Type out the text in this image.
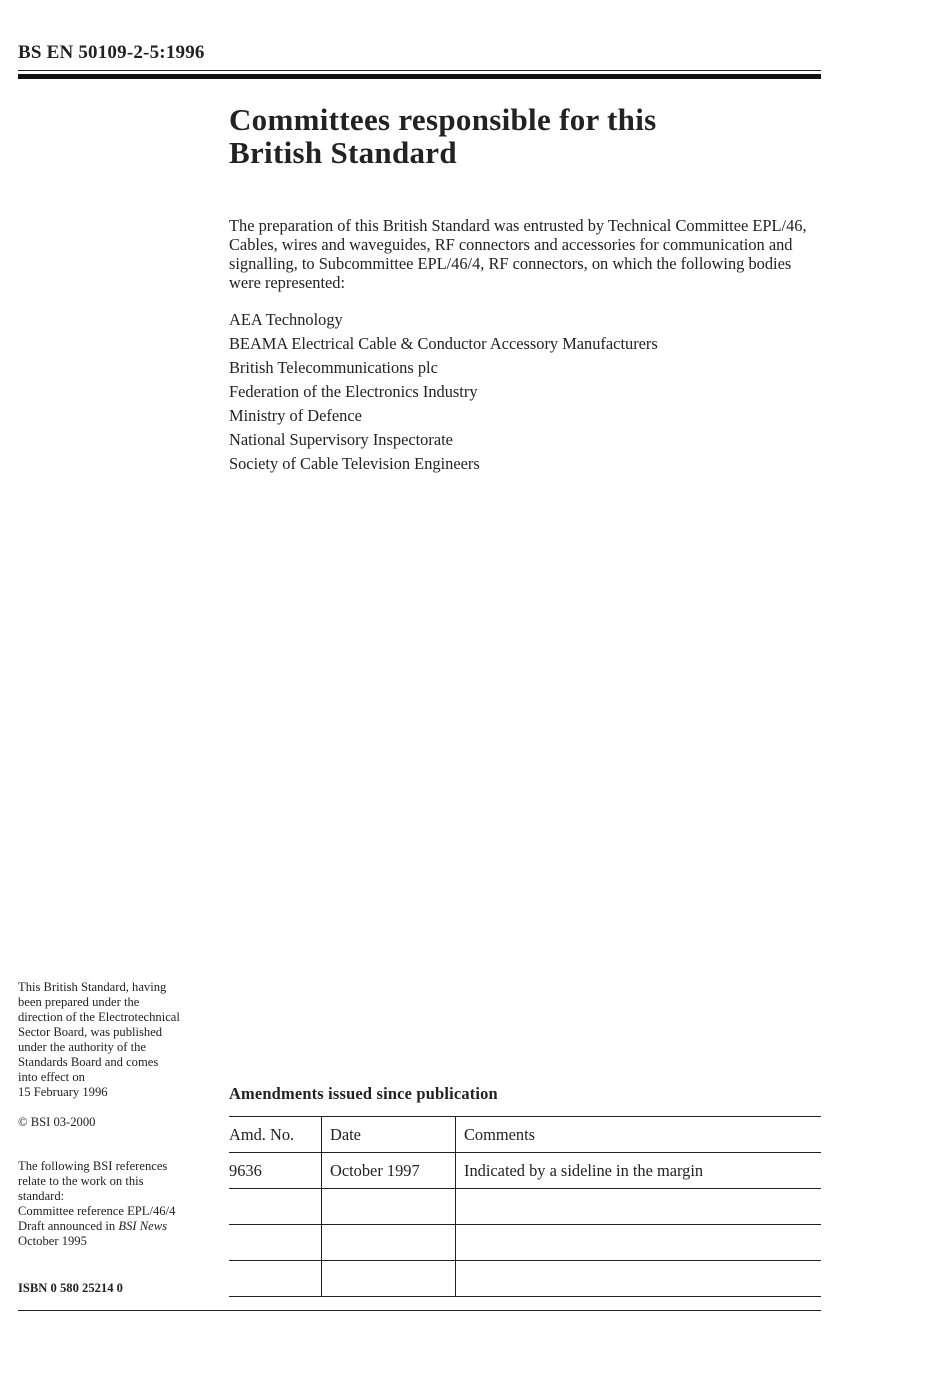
BS EN 50109-2-5:1996
Committees responsible for this
British Standard

The preparation of this British Standard was entrusted by Technical Committee EPL/46, Cables, wires and waveguides, RF connectors and accessories for communication and signalling, to Subcommittee EPL/46/4, RF connectors, on which the following bodies were represented:

AEA Technology
BEAMA Electrical Cable & Conductor Accessory Manufacturers
British Telecommunications plc
Federation of the Electronics Industry
Ministry of Defence
National Supervisory Inspectorate
Society of Cable Television Engineers

This British Standard, having

been prepared under the

direction of the Electrotechnical

Sector Board, was published

under the authority of the

Standards Board and comes

into effect on

15 February 1996

© BSI 03-2000

The following BSI references

relate to the work on this

standard:

Committee reference EPL/46/4

Draft announced in BSI News

October 1995

ISBN 0 580 25214 0

Amendments issued since publication
Amd. No.	Date	Comments
9636	October 1997	Indicated by a sideline in the margin
